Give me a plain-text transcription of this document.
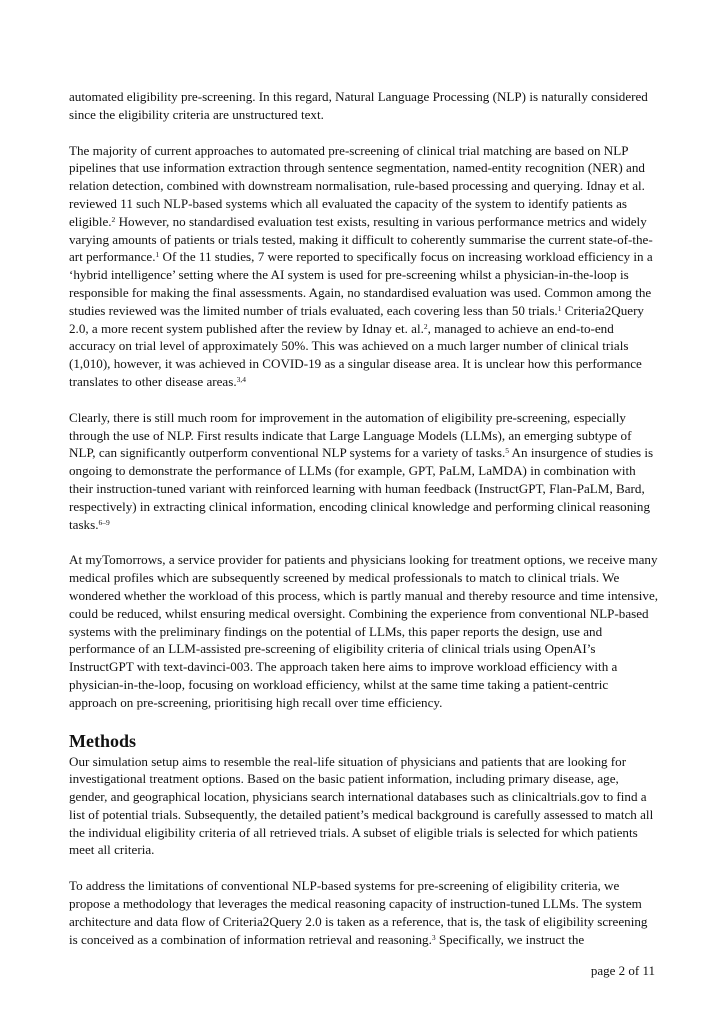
automated eligibility pre-screening. In this regard, Natural Language Processing (NLP) is naturally considered since the eligibility criteria are unstructured text.

The majority of current approaches to automated pre-screening of clinical trial matching are based on NLP pipelines that use information extraction through sentence segmentation, named-entity recognition (NER) and relation detection, combined with downstream normalisation, rule-based processing and querying. Idnay et al. reviewed 11 such NLP-based systems which all evaluated the capacity of the system to identify patients as eligible.$^2$ However, no standardised evaluation test exists, resulting in various performance metrics and widely varying amounts of patients or trials tested, making it difficult to coherently summarise the current state-of-the-art performance.$^1$ Of the 11 studies, 7 were reported to specifically focus on increasing workload efficiency in a ‘hybrid intelligence’ setting where the AI system is used for pre-screening whilst a physician-in-the-loop is responsible for making the final assessments. Again, no standardised evaluation was used. Common among the studies reviewed was the limited number of trials evaluated, each covering less than 50 trials.$^1$ Criteria2Query 2.0, a more recent system published after the review by Idnay et. al.$^2$, managed to achieve an end-to-end accuracy on trial level of approximately 50%. This was achieved on a much larger number of clinical trials (1,010), however, it was achieved in COVID-19 as a singular disease area. It is unclear how this performance translates to other disease areas.$^{3,4}$

Clearly, there is still much room for improvement in the automation of eligibility pre-screening, especially through the use of NLP. First results indicate that Large Language Models (LLMs), an emerging subtype of NLP, can significantly outperform conventional NLP systems for a variety of tasks.$^5$ An insurgence of studies is ongoing to demonstrate the performance of LLMs (for example, GPT, PaLM, LaMDA) in combination with their instruction-tuned variant with reinforced learning with human feedback (InstructGPT, Flan-PaLM, Bard, respectively) in extracting clinical information, encoding clinical knowledge and performing clinical reasoning tasks.$^{6-9}$

At myTomorrows, a service provider for patients and physicians looking for treatment options, we receive many medical profiles which are subsequently screened by medical professionals to match to clinical trials. We wondered whether the workload of this process, which is partly manual and thereby resource and time intensive, could be reduced, whilst ensuring medical oversight. Combining the experience from conventional NLP-based systems with the preliminary findings on the potential of LLMs, this paper reports the design, use and performance of an LLM-assisted pre-screening of eligibility criteria of clinical trials using OpenAI’s InstructGPT with text-davinci-003. The approach taken here aims to improve workload efficiency with a physician-in-the-loop, focusing on workload efficiency, whilst at the same time taking a patient-centric approach on pre-screening, prioritising high recall over time efficiency.

Methods

Our simulation setup aims to resemble the real-life situation of physicians and patients that are looking for investigational treatment options. Based on the basic patient information, including primary disease, age, gender, and geographical location, physicians search international databases such as clinicaltrials.gov to find a list of potential trials. Subsequently, the detailed patient’s medical background is carefully assessed to match all the individual eligibility criteria of all retrieved trials. A subset of eligible trials is selected for which patients meet all criteria.

To address the limitations of conventional NLP-based systems for pre-screening of eligibility criteria, we propose a methodology that leverages the medical reasoning capacity of instruction-tuned LLMs. The system architecture and data flow of Criteria2Query 2.0 is taken as a reference, that is, the task of eligibility screening is conceived as a combination of information retrieval and reasoning.$^3$ Specifically, we instruct the

page 2 of 11
